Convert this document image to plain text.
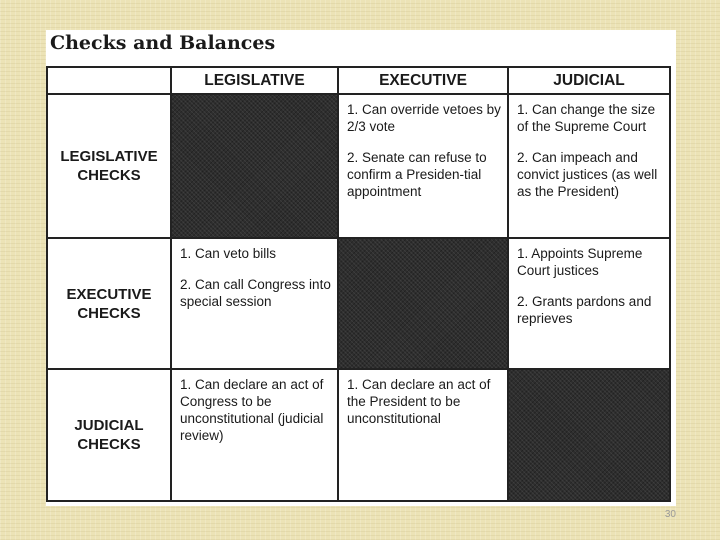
Checks and Balances
LEGISLATIVE	EXECUTIVE	JUDICIAL
LEGISLATIVE CHECKS
1. Can override vetoes by 2/3 vote
2. Senate can refuse to confirm a Presiden-tial appointment
1. Can change the size of the Supreme Court
2. Can impeach and convict justices (as well as the President)
EXECUTIVE CHECKS
1. Can veto bills
2. Can call Congress into special session
1. Appoints Supreme Court justices
2. Grants pardons and reprieves
JUDICIAL CHECKS
1. Can declare an act of Congress to be unconstitutional (judicial review)
1. Can declare an act of the President to be unconstitutional
30
